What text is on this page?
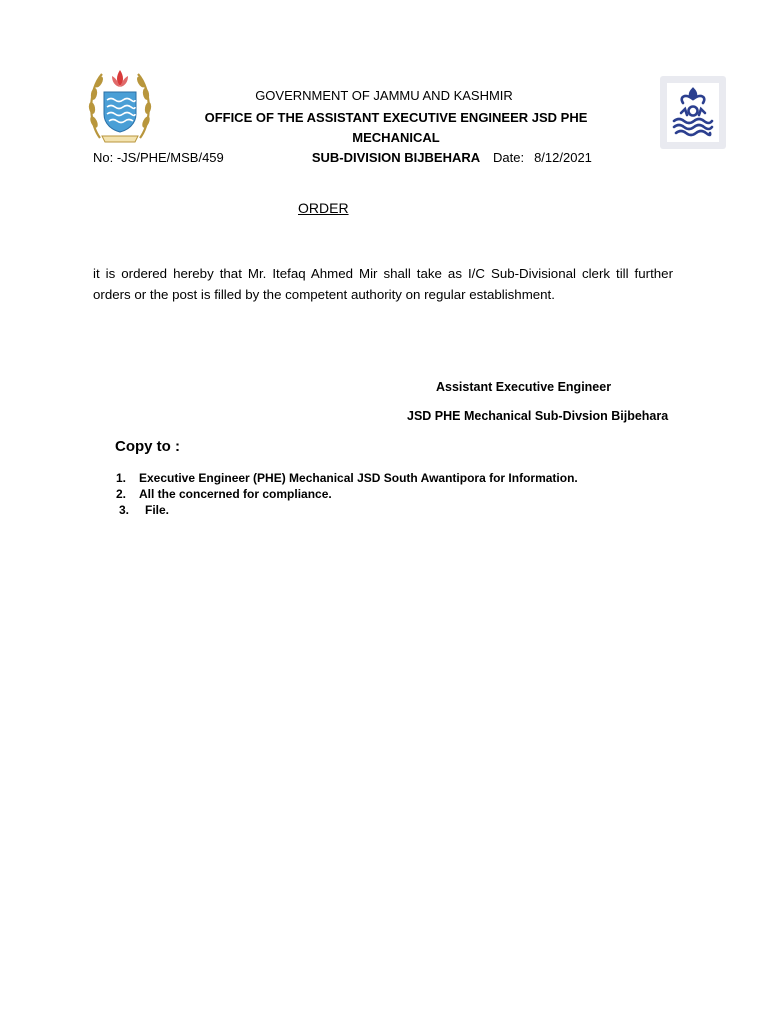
GOVERNMENT OF JAMMU AND KASHMIR
OFFICE OF THE ASSISTANT EXECUTIVE ENGINEER JSD PHE MECHANICAL
SUB-DIVISION BIJBEHARA
No: -JS/PHE/MSB/459	Date: 8/12/2021
ORDER
it is ordered hereby that Mr. Itefaq Ahmed Mir shall take as I/C Sub-Divisional clerk till further orders or the post is filled by the competent authority on regular establishment.
Assistant Executive Engineer
JSD PHE Mechanical Sub-Divsion Bijbehara
Copy to :
1. Executive Engineer (PHE) Mechanical JSD South Awantipora for Information.
2. All the concerned for compliance.
3. File.
